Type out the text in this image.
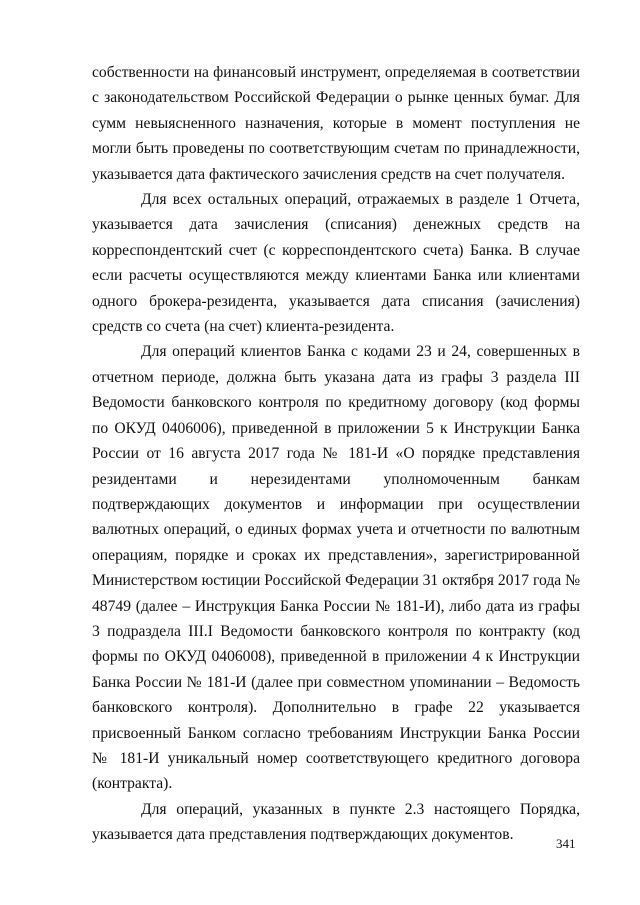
собственности на финансовый инструмент, определяемая в соответствии с законодательством Российской Федерации о рынке ценных бумаг. Для сумм невыясненного назначения, которые в момент поступления не могли быть проведены по соответствующим счетам по принадлежности, указывается дата фактического зачисления средств на счет получателя.

Для всех остальных операций, отражаемых в разделе 1 Отчета, указывается дата зачисления (списания) денежных средств на корреспондентский счет (с корреспондентского счета) Банка. В случае если расчеты осуществляются между клиентами Банка или клиентами одного брокера-резидента, указывается дата списания (зачисления) средств со счета (на счет) клиента-резидента.

Для операций клиентов Банка с кодами 23 и 24, совершенных в отчетном периоде, должна быть указана дата из графы 3 раздела III Ведомости банковского контроля по кредитному договору (код формы по ОКУД 0406006), приведенной в приложении 5 к Инструкции Банка России от 16 августа 2017 года № 181-И «О порядке представления резидентами и нерезидентами уполномоченным банкам подтверждающих документов и информации при осуществлении валютных операций, о единых формах учета и отчетности по валютным операциям, порядке и сроках их представления», зарегистрированной Министерством юстиции Российской Федерации 31 октября 2017 года № 48749 (далее – Инструкция Банка России № 181-И), либо дата из графы 3 подраздела III.I Ведомости банковского контроля по контракту (код формы по ОКУД 0406008), приведенной в приложении 4 к Инструкции Банка России № 181-И (далее при совместном упоминании – Ведомость банковского контроля). Дополнительно в графе 22 указывается присвоенный Банком согласно требованиям Инструкции Банка России № 181-И уникальный номер соответствующего кредитного договора (контракта).

Для операций, указанных в пункте 2.3 настоящего Порядка, указывается дата представления подтверждающих документов.

341
